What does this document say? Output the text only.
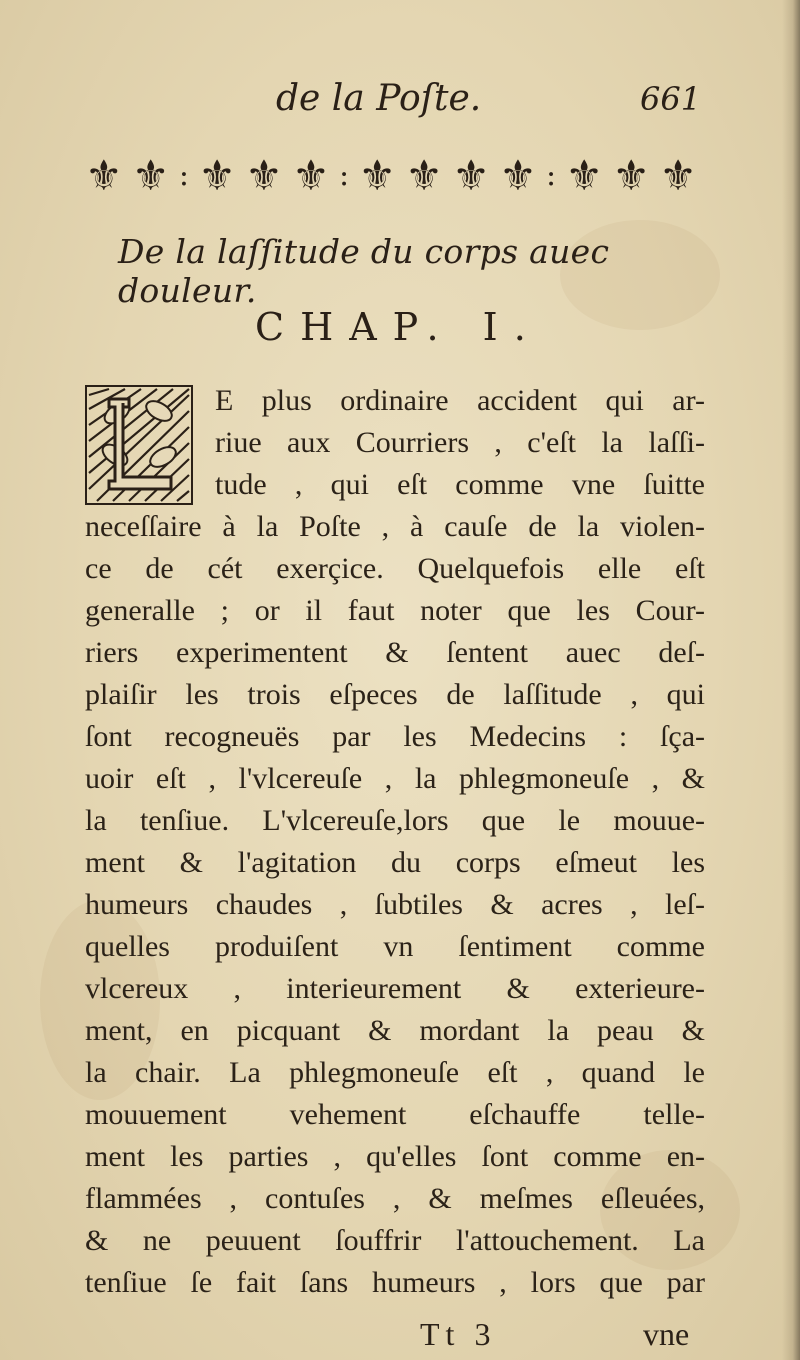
de la Poſte.	661
⚜ ⚜ : ⚜ ⚜ ⚜ : ⚜ ⚜ ⚜ ⚜ : ⚜ ⚜ ⚜
De la laſſitude du corps auec douleur.
CHAP. I.
E plus ordinaire accident qui ar-
riue aux Courriers , c'eſt la laſſi-
tude , qui eſt comme vne ſuitte
neceſſaire à la Poſte , à cauſe de la violen-
ce de cét exerçice. Quelquefois elle eſt
generalle ; or il faut noter que les Cour-
riers experimentent & ſentent auec deſ-
plaiſir les trois eſpeces de laſſitude , qui
ſont recogneuës par les Medecins : ſça-
uoir eſt , l'vlcereuſe , la phlegmoneuſe , &
la tenſiue. L'vlcereuſe,lors que le mouue-
ment & l'agitation du corps eſmeut les
humeurs chaudes , ſubtiles & acres , leſ-
quelles produiſent vn ſentiment comme
vlcereux , interieurement & exterieure-
ment, en picquant & mordant la peau &
la chair. La phlegmoneuſe eſt , quand le
mouuement vehement eſchauffe telle-
ment les parties , qu'elles ſont comme en-
flammées , contuſes , & meſmes eſleuées,
& ne peuuent ſouffrir l'attouchement. La
tenſiue ſe fait ſans humeurs , lors que par
Tt 3	vne
